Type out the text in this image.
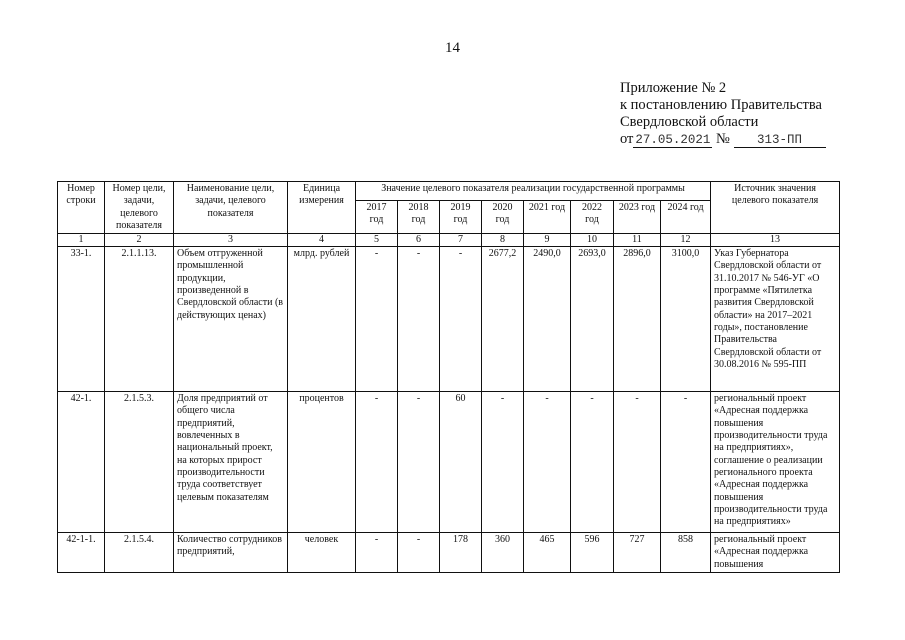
14
Приложение № 2
к постановлению Правительства
Свердловской области
от 27.05.2021 № 313-ПП
Номер строки	Номер цели, задачи, целевого показателя	Наименование цели, задачи, целевого показателя	Единица измерения	Значение целевого показателя реализации государственной программы								Источник значения целевого показателя
				2017 год	2018 год	2019 год	2020 год	2021 год	2022 год	2023 год	2024 год	
1	2	3	4	5	6	7	8	9	10	11	12	13
33-1.	2.1.1.13.	Объем отгруженной промышленной продукции, произведенной в Свердловской области (в действующих ценах)	млрд. рублей	-	-	-	2677,2	2490,0	2693,0	2896,0	3100,0	Указ Губернатора Свердловской области от 31.10.2017 № 546-УГ «О программе «Пятилетка развития Свердловской области» на 2017–2021 годы», постановление Правительства Свердловской области от 30.08.2016 № 595-ПП
42-1.	2.1.5.3.	Доля предприятий от общего числа предприятий, вовлеченных в национальный проект, на которых прирост производительности труда соответствует целевым показателям	процентов	-	-	60	-	-	-	-	-	региональный проект «Адресная поддержка повышения производительности труда на предприятиях», соглашение о реализации регионального проекта «Адресная поддержка повышения производительности труда на предприятиях»
42-1-1.	2.1.5.4.	Количество сотрудников предприятий,	человек	-	-	178	360	465	596	727	858	региональный проект «Адресная поддержка повышения
